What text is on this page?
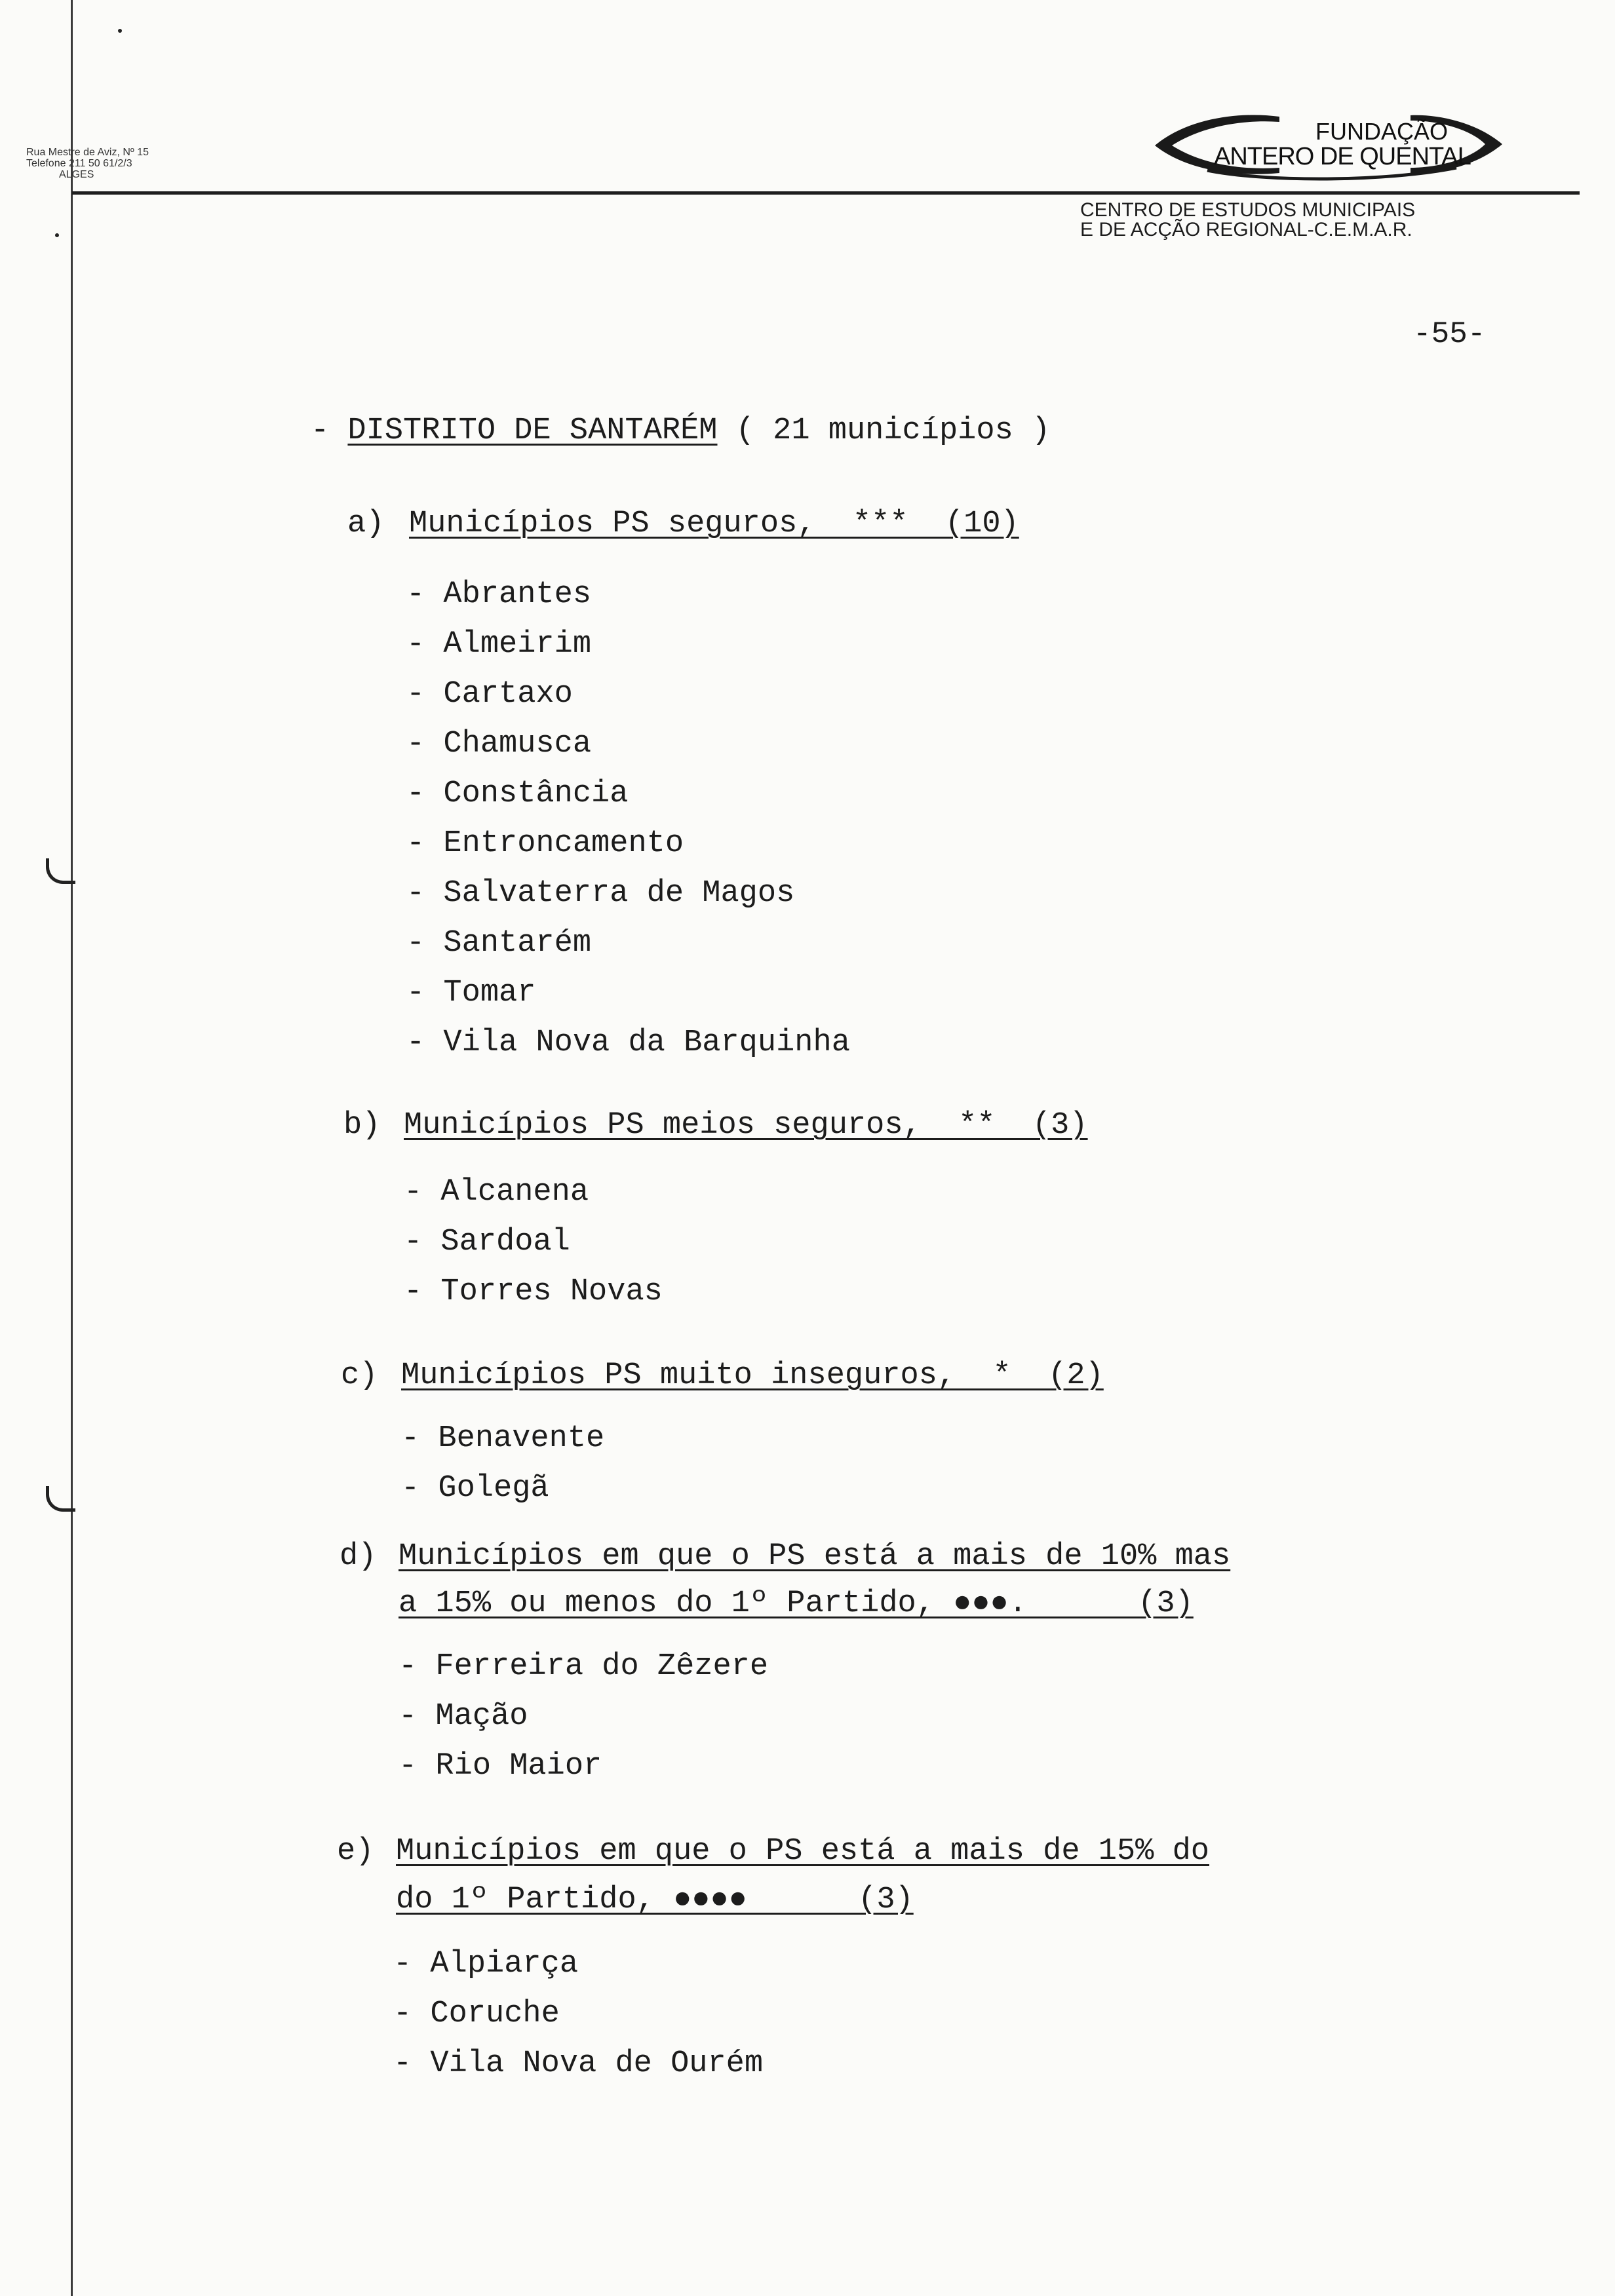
Rua Mestre de Aviz, Nº 15
Telefone 211 50 61/2/3
ALGES
FUNDAÇÃO
ANTERO DE QUENTAL
CENTRO DE ESTUDOS MUNICIPAIS
E DE ACÇÃO REGIONAL-C.E.M.A.R.
-55-
- DISTRITO DE SANTARÉM ( 21 municípios )
a) Municípios PS seguros,  ***  (10)
- Abrantes
- Almeirim
- Cartaxo
- Chamusca
- Constância
- Entroncamento
- Salvaterra de Magos
- Santarém
- Tomar
- Vila Nova da Barquinha
b) Municípios PS meios seguros,  **  (3)
- Alcanena
- Sardoal
- Torres Novas
c) Municípios PS muito inseguros,  *  (2)
- Benavente
- Golegã
d) Municípios em que o PS está a mais de 10% mas
a 15% ou menos do 1º Partido, ●●●.      (3)
- Ferreira do Zêzere
- Mação
- Rio Maior
e) Municípios em que o PS está a mais de 15% do
do 1º Partido, ●●●●      (3)
- Alpiarça
- Coruche
- Vila Nova de Ourém
